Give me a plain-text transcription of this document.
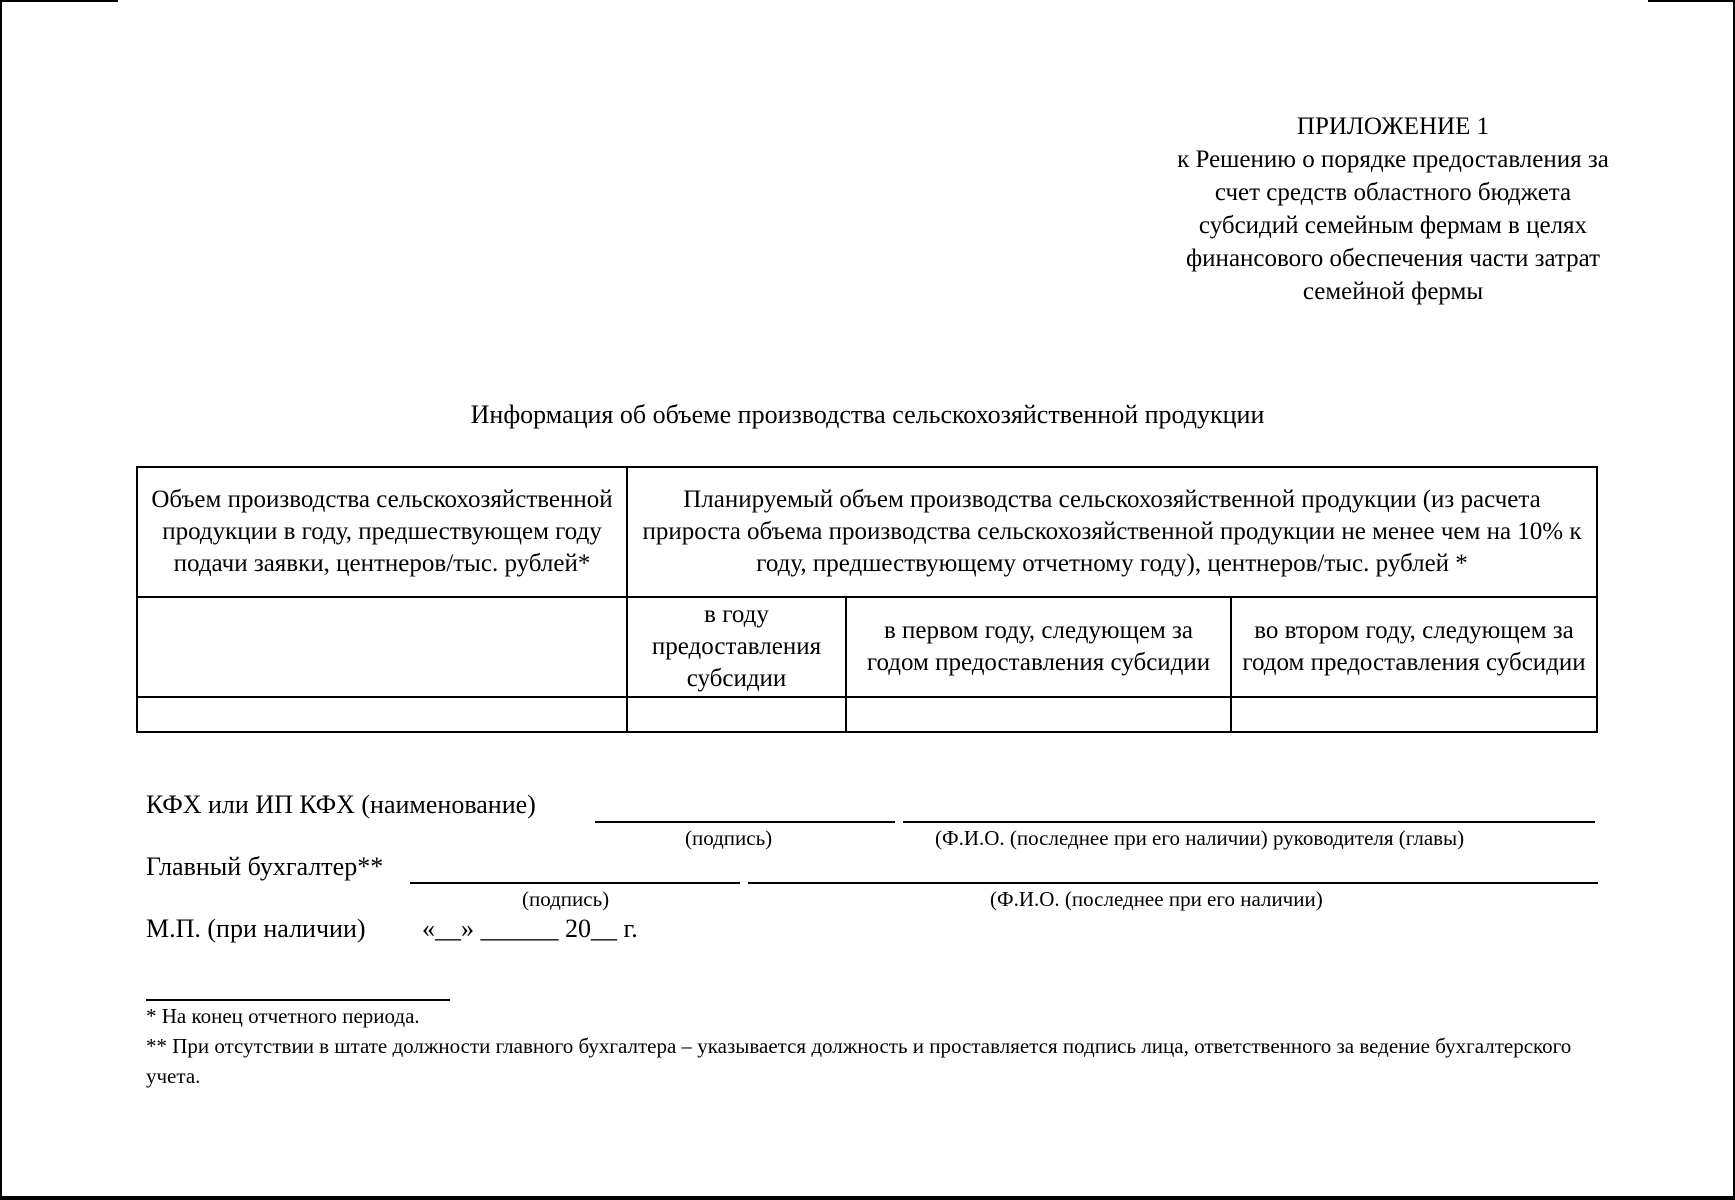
ПРИЛОЖЕНИЕ 1
к Решению о порядке предоставления за
счет средств областного бюджета
субсидий семейным фермам в целях
финансового обеспечения части затрат
семейной фермы
Информация об объеме производства сельскохозяйственной продукции
Объем производства сельскохозяйственной продукции в году, предшествующем году подачи заявки, центнеров/тыс. рублей*	Планируемый объем производства сельскохозяйственной продукции (из расчета прироста объема производства сельскохозяйственной продукции не менее чем на 10% к году, предшествующему отчетному году), центнеров/тыс. рублей *		
	в году предоставления субсидии	в первом году, следующем за годом предоставления субсидии	во втором году, следующем за годом предоставления субсидии

КФХ или ИП КФХ (наименование)
(подпись)	(Ф.И.О. (последнее при его наличии) руководителя (главы)
Главный бухгалтер**
(подпись)	(Ф.И.О. (последнее при его наличии)
М.П. (при наличии) «__» ______ 20__ г.
* На конец отчетного периода.
** При отсутствии в штате должности главного бухгалтера – указывается должность и проставляется подпись лица, ответственного за ведение бухгалтерского учета.
